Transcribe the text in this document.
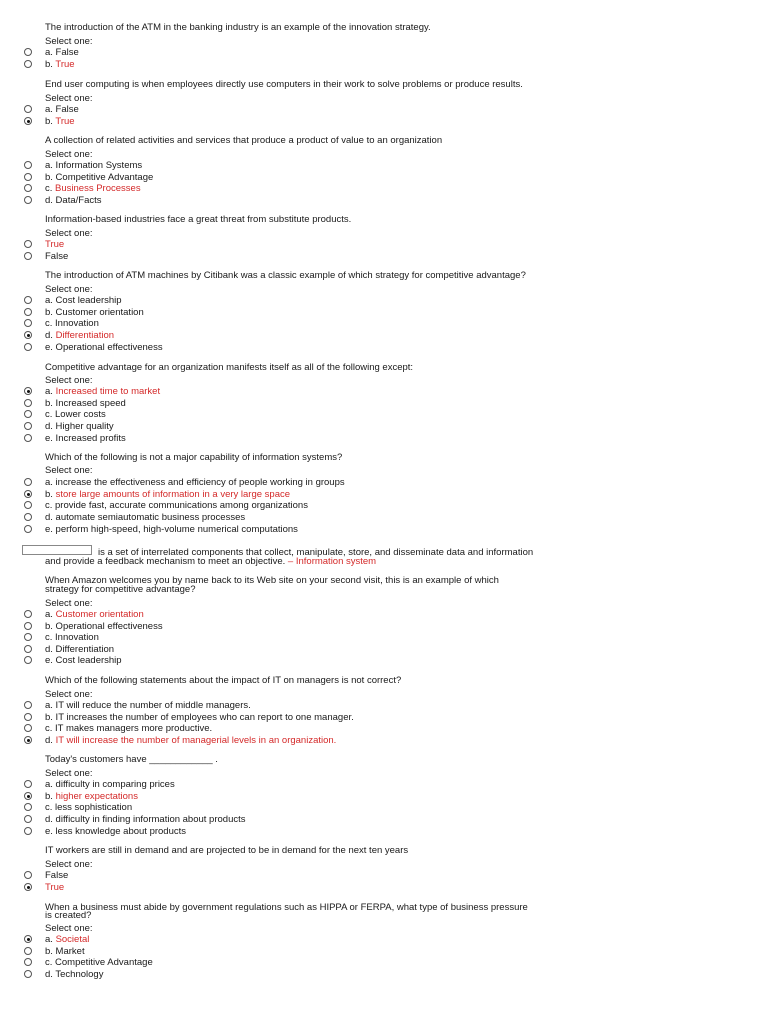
The introduction of the ATM in the banking industry is an example of the innovation strategy.
Select one:
a. False
b. True
End user computing is when employees directly use computers in their work to solve problems or produce results.
Select one:
a. False
b. True
A collection of related activities and services that produce a product of value to an organization
Select one:
a. Information Systems
b. Competitive Advantage
c. Business Processes
d. Data/Facts
Information-based industries face a great threat from substitute products.
Select one:
True
False
The introduction of ATM machines by Citibank was a classic example of which strategy for competitive advantage?
Select one:
a. Cost leadership
b. Customer orientation
c. Innovation
d. Differentiation
e. Operational effectiveness
Competitive advantage for an organization manifests itself as all of the following except:
Select one:
a. Increased time to market
b. Increased speed
c. Lower costs
d. Higher quality
e. Increased profits
Which of the following is not a major capability of information systems?
Select one:
a. increase the effectiveness and efficiency of people working in groups
b. store large amounts of information in a very large space
c. provide fast, accurate communications among organizations
d. automate semiautomatic business processes
e. perform high-speed, high-volume numerical computations
When Amazon welcomes you by name back to its Web site on your second visit, this is an example of which
strategy for competitive advantage?
Select one:
a. Customer orientation
b. Operational effectiveness
c. Innovation
d. Differentiation
e. Cost leadership
Which of the following statements about the impact of IT on managers is not correct?
Select one:
a. IT will reduce the number of middle managers.
b. IT increases the number of employees who can report to one manager.
c. IT makes managers more productive.
d. IT will increase the number of managerial levels in an organization.
Today's customers have ____________ .
Select one:
a. difficulty in comparing prices
b. higher expectations
c. less sophistication
d. difficulty in finding information about products
e. less knowledge about products
IT workers are still in demand and are projected to be in demand for the next ten years
Select one:
False
True
When a business must abide by government regulations such as HIPPA or FERPA, what type of business pressure
is created?
Select one:
a. Societal
b. Market
c. Competitive Advantage
d. Technology
is a set of interrelated components that collect, manipulate, store, and disseminate data and information
and provide a feedback mechanism to meet an objective. – Information system
